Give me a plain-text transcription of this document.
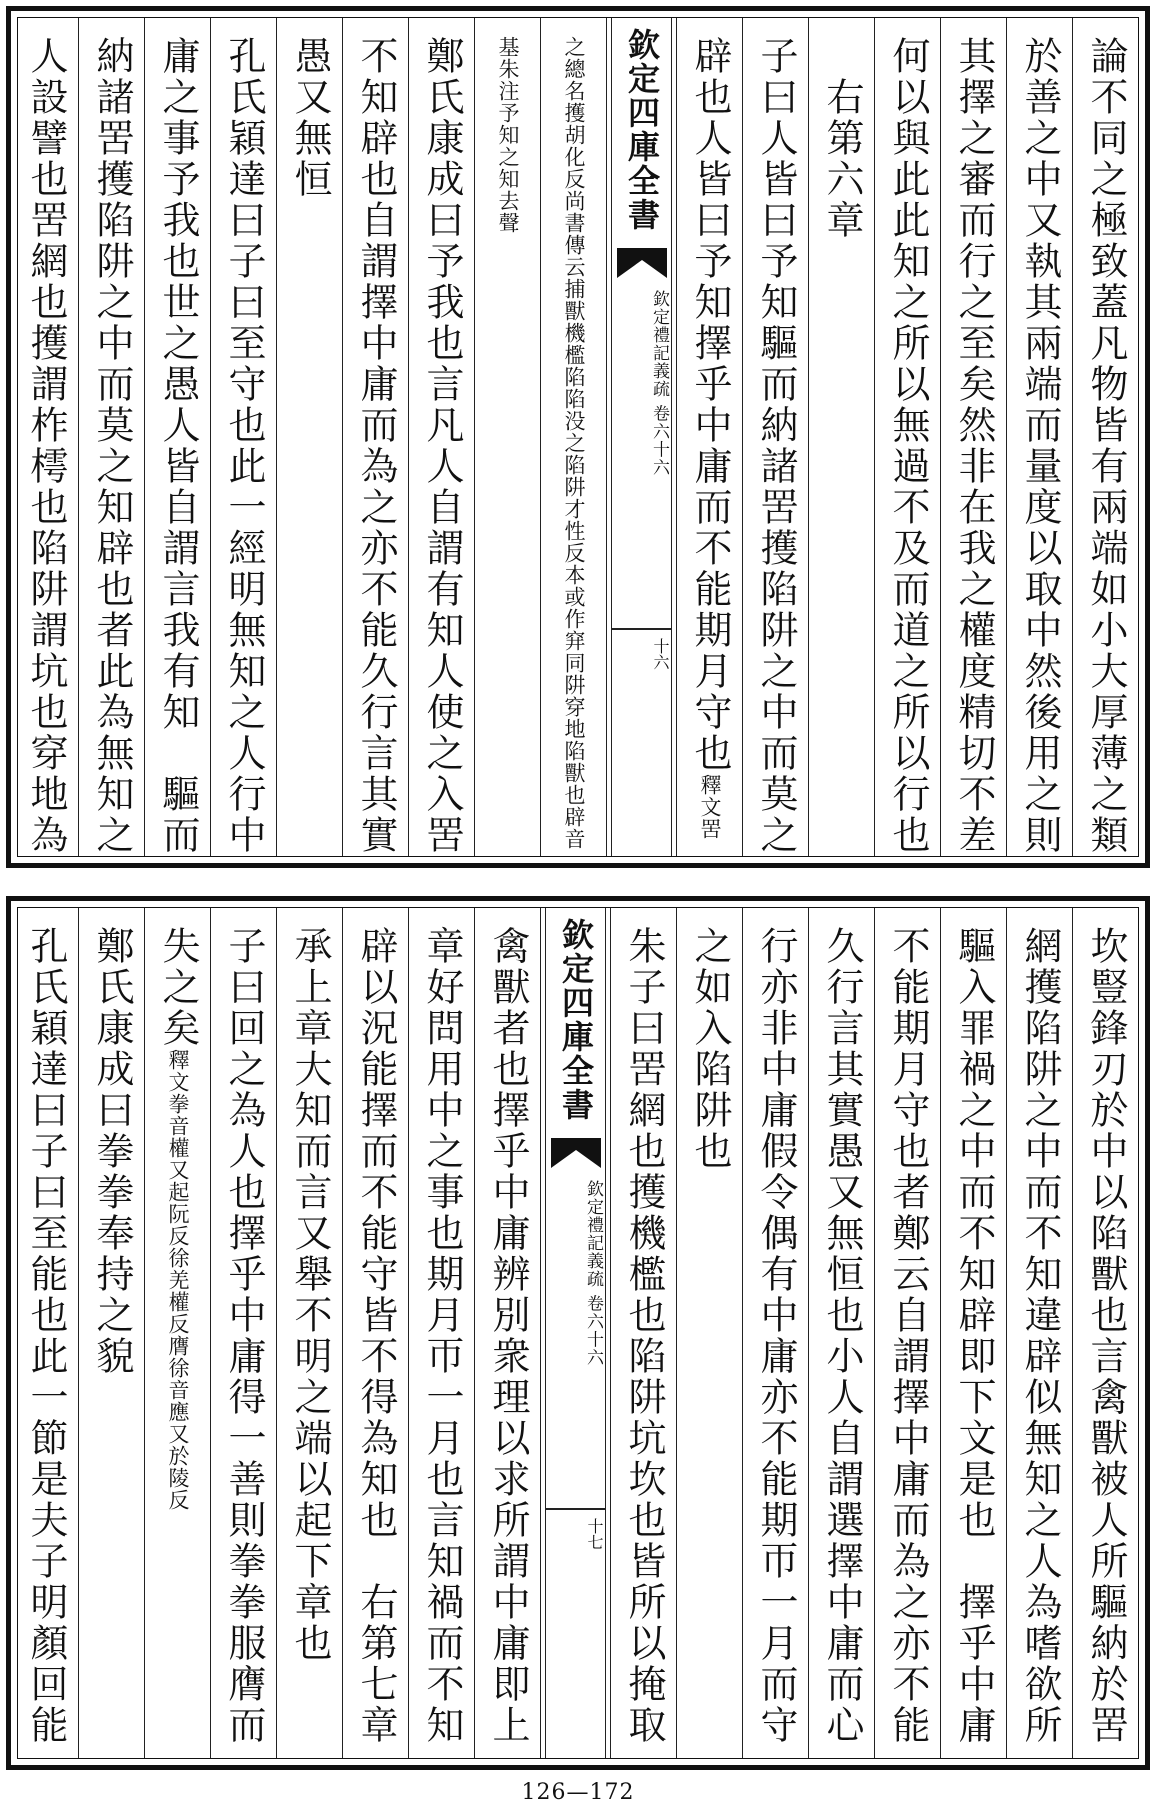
論不同之極致蓋凡物皆有兩端如小大厚薄之類
於善之中又執其兩端而量度以取中然後用之則
其擇之審而行之至矣然非在我之權度精切不差
何以與此此知之所以無過不及而道之所以行也
　右第六章
子曰人皆曰予知驅而納諸罟擭陷阱之中而莫之
辟也人皆曰予知擇乎中庸而不能期月守也釋文罟
欽定四庫全書
欽定禮記義疏 卷六十六
十六
之總名擭胡化反尚書傳云捕獸機檻陷陷没之陷阱才性反本或作穽同阱穿地陷獸也辟音
基朱注予知之知去聲
鄭氏康成曰予我也言凡人自謂有知人使之入罟
不知辟也自謂擇中庸而為之亦不能久行言其實
愚又無恒
孔氏穎達曰子曰至守也此一經明無知之人行中
庸之事予我也世之愚人皆自謂言我有知　驅而
納諸罟擭陷阱之中而莫之知辟也者此為無知之
人設譬也罟網也擭謂柞樗也陷阱謂坑也穿地為
坎豎鋒刃於中以陷獸也言禽獸被人所驅納於罟
網擭陷阱之中而不知違辟似無知之人為嗜欲所
驅入罪禍之中而不知辟即下文是也　擇乎中庸
不能期月守也者鄭云自謂擇中庸而為之亦不能
久行言其實愚又無恒也小人自謂選擇中庸而心
行亦非中庸假令偶有中庸亦不能期帀一月而守
之如入陷阱也
朱子曰罟網也擭機檻也陷阱坑坎也皆所以掩取
欽定四庫全書
欽定禮記義疏 卷六十六
十七
禽獸者也擇乎中庸辨別衆理以求所謂中庸即上
章好問用中之事也期月帀一月也言知禍而不知
辟以況能擇而不能守皆不得為知也　右第七章
承上章大知而言又舉不明之端以起下章也
子曰回之為人也擇乎中庸得一善則拳拳服膺而
失之矣釋文拳音權又起阮反徐羌權反膺徐音應又於陵反
鄭氏康成曰拳拳奉持之貌
孔氏穎達曰子曰至能也此一節是夫子明顏回能
126—172
